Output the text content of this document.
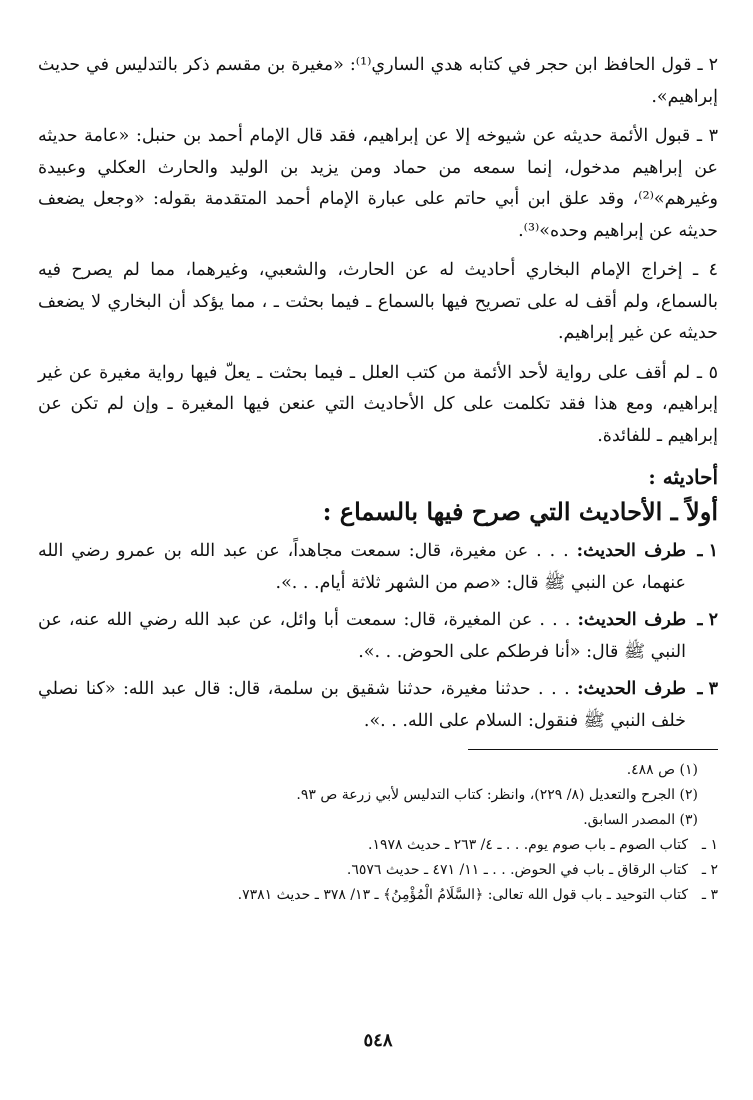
٢ ـ قول الحافظ ابن حجر في كتابه هدي الساري⁽¹⁾: «مغيرة بن مقسم ذكر بالتدليس في حديث إبراهيم».

٣ ـ قبول الأئمة حديثه عن شيوخه إلا عن إبراهيم، فقد قال الإمام أحمد بن حنبل: «عامة حديثه عن إبراهيم مدخول، إنما سمعه من حماد ومن يزيد بن الوليد والحارث العكلي وعبيدة وغيرهم»⁽²⁾، وقد علق ابن أبي حاتم على عبارة الإمام أحمد المتقدمة بقوله: «وجعل يضعف حديثه عن إبراهيم وحده»⁽³⁾.

٤ ـ إخراج الإمام البخاري أحاديث له عن الحارث، والشعبي، وغيرهما، مما لم يصرح فيه بالسماع، ولم أقف له على تصريح فيها بالسماع ـ فيما بحثت ـ ، مما يؤكد أن البخاري لا يضعف حديثه عن غير إبراهيم.

٥ ـ لم أقف على رواية لأحد الأئمة من كتب العلل ـ فيما بحثت ـ يعلّ فيها رواية مغيرة عن غير إبراهيم، ومع هذا فقد تكلمت على كل الأحاديث التي عنعن فيها المغيرة ـ وإن لم تكن عن إبراهيم ـ للفائدة.

أحاديثه :
أولاً ـ الأحاديث التي صرح فيها بالسماع :
١ ـ
طرف الحديث: . . . عن مغيرة، قال: سمعت مجاهداً، عن عبد الله بن عمرو رضي الله عنهما، عن النبي ﷺ قال: «صم من الشهر ثلاثة أيام. . .».
٢ ـ
طرف الحديث: . . . عن المغيرة، قال: سمعت أبا وائل، عن عبد الله رضي الله عنه، عن النبي ﷺ قال: «أنا فرطكم على الحوض. . .».
٣ ـ
طرف الحديث: . . . حدثنا مغيرة، حدثنا شقيق بن سلمة، قال: قال عبد الله: «كنا نصلي خلف النبي ﷺ فنقول: السلام على الله. . .».
(١) ص ٤٨٨.
(٢) الجرح والتعديل (٨/ ٢٢٩)، وانظر: كتاب التدليس لأبي زرعة ص ٩٣.
(٣) المصدر السابق.
١ ـكتاب الصوم ـ باب صوم يوم. . . ـ ٤/ ٢٦٣ ـ حديث ١٩٧٨.
٢ ـكتاب الرقاق ـ باب في الحوض. . . ـ ١١/ ٤٧١ ـ حديث ٦٥٧٦.
٣ ـكتاب التوحيد ـ باب قول الله تعالى: ﴿السَّلَامُ الْمُؤْمِنُ﴾ ـ ١٣/ ٣٧٨ ـ حديث ٧٣٨١.
٥٤٨
